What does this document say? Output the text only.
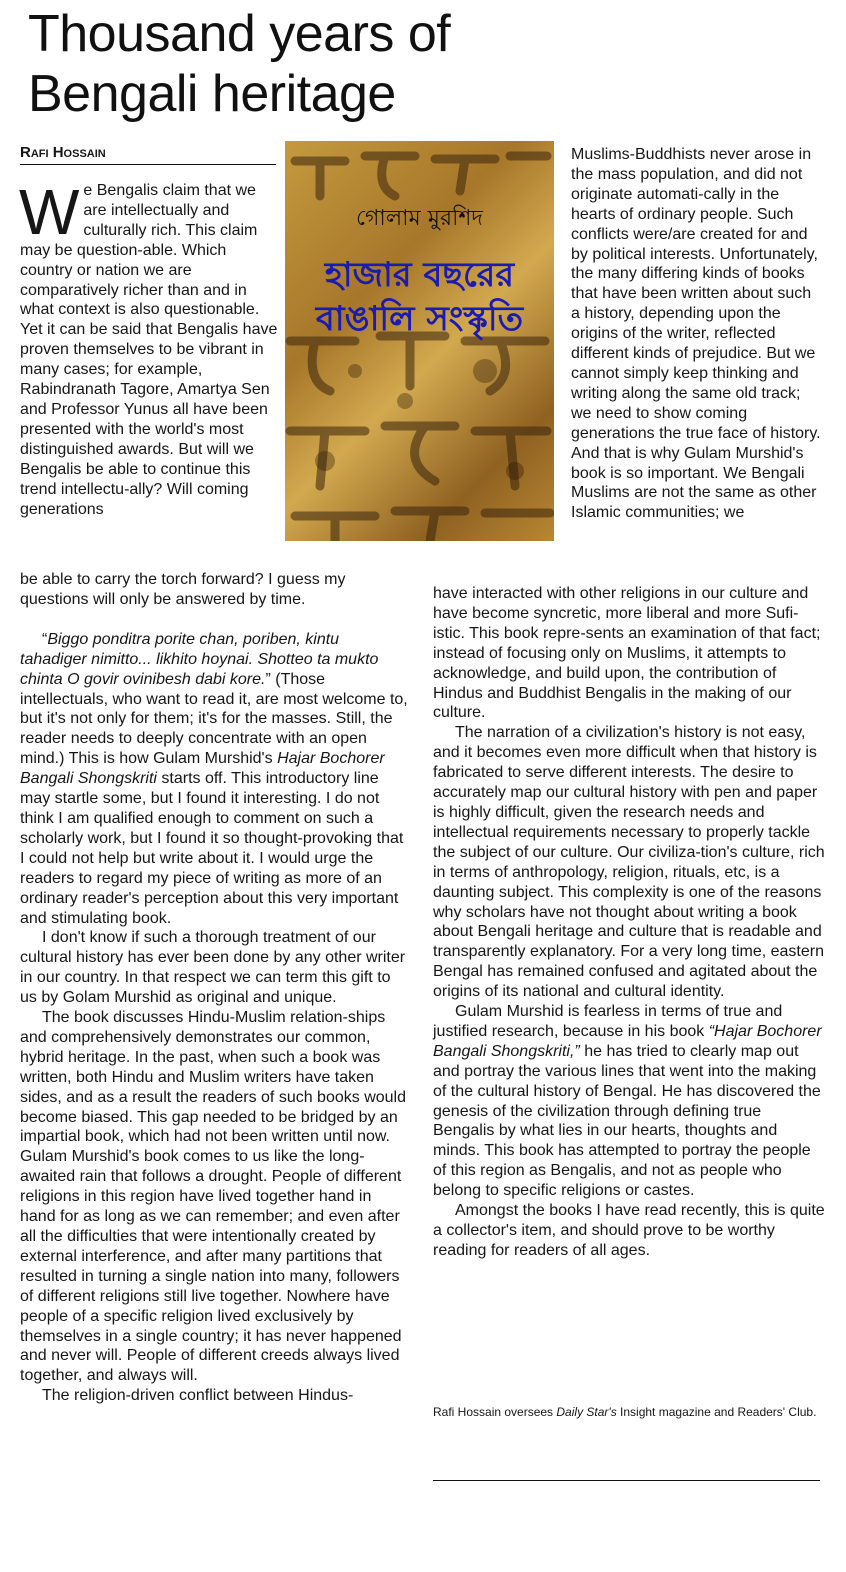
Thousand years of
Bengali heritage
Rafi Hossain
গোলাম মুরশিদ
হাজার বছরের
বাঙালি সংস্কৃতি

We Bengalis claim that we are intellectually and culturally rich. This claim may be question-able. Which country or nation we are comparatively richer than and in what context is also questionable. Yet it can be said that Bengalis have proven themselves to be vibrant in many cases; for example, Rabindranath Tagore, Amartya Sen and Professor Yunus all have been presented with the world's most distinguished awards. But will we Bengalis be able to continue this trend intellectu-ally? Will coming generations

be able to carry the torch forward? I guess my questions will only be answered by time.

“Biggo ponditra porite chan, poriben, kintu tahadiger nimitto... likhito hoynai. Shotteo ta mukto chinta O govir ovinibesh dabi kore.” (Those intellectuals, who want to read it, are most welcome to, but it's not only for them; it's for the masses. Still, the reader needs to deeply concentrate with an open mind.) This is how Gulam Murshid's Hajar Bochorer Bangali Shongskriti starts off. This introductory line may startle some, but I found it interesting. I do not think I am qualified enough to comment on such a scholarly work, but I found it so thought-provoking that I could not help but write about it. I would urge the readers to regard my piece of writing as more of an ordinary reader's perception about this very important and stimulating book.

I don't know if such a thorough treatment of our cultural history has ever been done by any other writer in our country. In that respect we can term this gift to us by Golam Murshid as original and unique.

The book discusses Hindu-Muslim relation-ships and comprehensively demonstrates our common, hybrid heritage. In the past, when such a book was written, both Hindu and Muslim writers have taken sides, and as a result the readers of such books would become biased. This gap needed to be bridged by an impartial book, which had not been written until now. Gulam Murshid's book comes to us like the long-awaited rain that follows a drought. People of different religions in this region have lived together hand in hand for as long as we can remember; and even after all the difficulties that were intentionally created by external interference, and after many partitions that resulted in turning a single nation into many, followers of different religions still live together. Nowhere have people of a specific religion lived exclusively by themselves in a single country; it has never happened and never will. People of different creeds always lived together, and always will.

The religion-driven conflict between Hindus-

Muslims-Buddhists never arose in the mass population, and did not originate automati-cally in the hearts of ordinary people. Such conflicts were/are created for and by political interests. Unfortunately, the many differing kinds of books that have been written about such a history, depending upon the origins of the writer, reflected different kinds of prejudice. But we cannot simply keep thinking and writing along the same old track; we need to show coming generations the true face of history. And that is why Gulam Murshid's book is so important. We Bengali Muslims are not the same as other Islamic communities; we

have interacted with other religions in our culture and have become syncretic, more liberal and more Sufi-istic. This book repre-sents an examination of that fact; instead of focusing only on Muslims, it attempts to acknowledge, and build upon, the contribution of Hindus and Buddhist Bengalis in the making of our culture.

The narration of a civilization's history is not easy, and it becomes even more difficult when that history is fabricated to serve different interests. The desire to accurately map our cultural history with pen and paper is highly difficult, given the research needs and intellectual requirements necessary to properly tackle the subject of our culture. Our civiliza-tion's culture, rich in terms of anthropology, religion, rituals, etc, is a daunting subject. This complexity is one of the reasons why scholars have not thought about writing a book about Bengali heritage and culture that is readable and transparently explanatory. For a very long time, eastern Bengal has remained confused and agitated about the origins of its national and cultural identity.

Gulam Murshid is fearless in terms of true and justified research, because in his book “Hajar Bochorer Bangali Shongskriti,” he has tried to clearly map out and portray the various lines that went into the making of the cultural history of Bengal. He has discovered the genesis of the civilization through defining true Bengalis by what lies in our hearts, thoughts and minds. This book has attempted to portray the people of this region as Bengalis, and not as people who belong to specific religions or castes.

Amongst the books I have read recently, this is quite a collector's item, and should prove to be worthy reading for readers of all ages.

Rafi Hossain oversees Daily Star's Insight magazine and Readers' Club.
